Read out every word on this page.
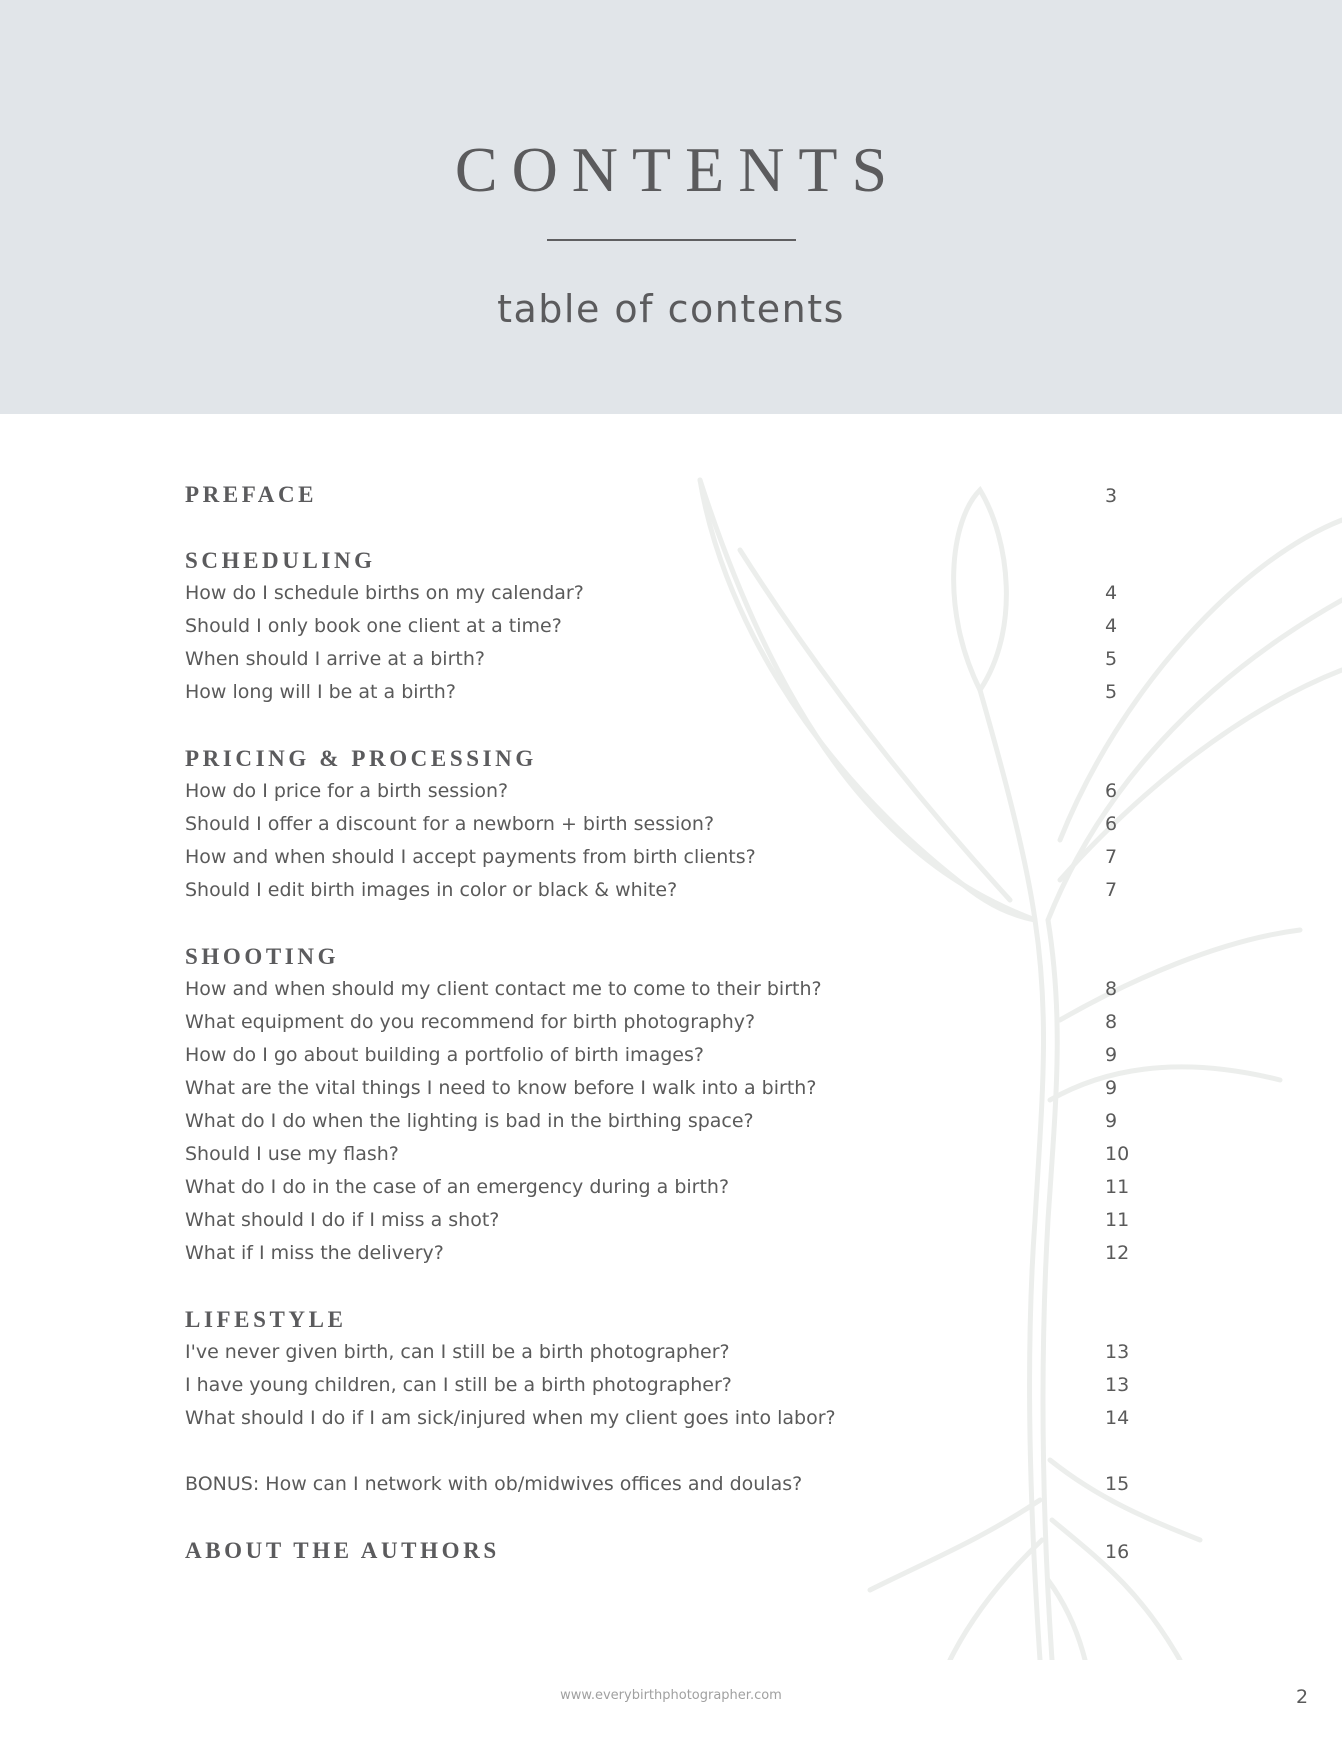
CONTENTS
table of contents
PREFACE	3
SCHEDULING
How do I schedule births on my calendar?	4
Should I only book one client at a time?	4
When should I arrive at a birth?	5
How long will I be at a birth?	5
PRICING & PROCESSING
How do I price for a birth session?	6
Should I offer a discount for a newborn + birth session?	6
How and when should I accept payments from birth clients?	7
Should I edit birth images in color or black & white?	7
SHOOTING
How and when should my client contact me to come to their birth?	8
What equipment do you recommend for birth photography?	8
How do I go about building a portfolio of birth images?	9
What are the vital things I need to know before I walk into a birth?	9
What do I do when the lighting is bad in the birthing space?	9
Should I use my flash?	10
What do I do in the case of an emergency during a birth?	11
What should I do if I miss a shot?	11
What if I miss the delivery?	12
LIFESTYLE
I've never given birth, can I still be a birth photographer?	13
I have young children, can I still be a birth photographer?	13
What should I do if I am sick/injured when my client goes into labor?	14
BONUS: How can I network with ob/midwives offices and doulas?	15
ABOUT THE AUTHORS	16
www.everybirthphotographer.com	2
